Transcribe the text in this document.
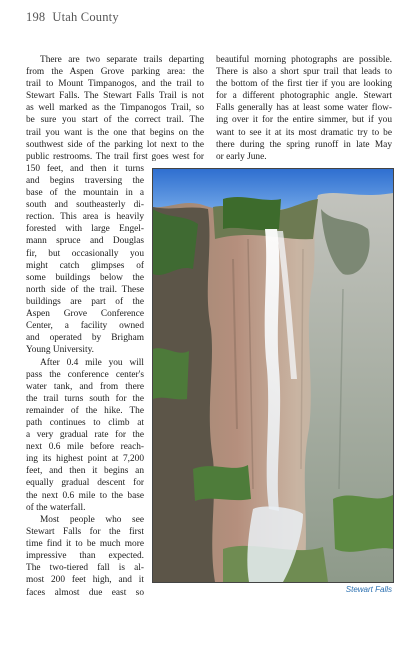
198 Utah County

There are two separate trails departing
from the Aspen Grove parking area: the
trail to Mount Timpanogos, and the trail to
Stewart Falls. The Stewart Falls Trail is not
as well marked as the Timpanogos Trail, so
be sure you start of the correct trail. The
trail you want is the one that begins on the
southwest side of the parking lot next to the
public restrooms. The trail first goes west for

150 feet, and then it turns
and begins traversing the
base of the mountain in a
south and southeasterly di-
rection. This area is heavily
forested with large Engel-
mann spruce and Douglas
fir, but occasionally you
might catch glimpses of
some buildings below the
north side of the trail. These
buildings are part of the
Aspen Grove Conference
Center, a facility owned
and operated by Brigham
Young University.

After 0.4 mile you will
pass the conference center's
water tank, and from there
the trail turns south for the
remainder of the hike. The
path continues to climb at
a very gradual rate for the
next 0.6 mile before reach-
ing its highest point at 7,200
feet, and then it begins an
equally gradual descent for
the next 0.6 mile to the base
of the waterfall.

Most people who see
Stewart Falls for the first
time find it to be much more
impressive than expected.
The two-tiered fall is al-
most 200 feet high, and it
faces almost due east so

beautiful morning photographs are possible.
There is also a short spur trail that leads to
the bottom of the first tier if you are looking
for a different photographic angle. Stewart
Falls generally has at least some water flow-
ing over it for the entire simmer, but if you
want to see it at its most dramatic try to be
there during the spring runoff in late May
or early June.

Stewart Falls
